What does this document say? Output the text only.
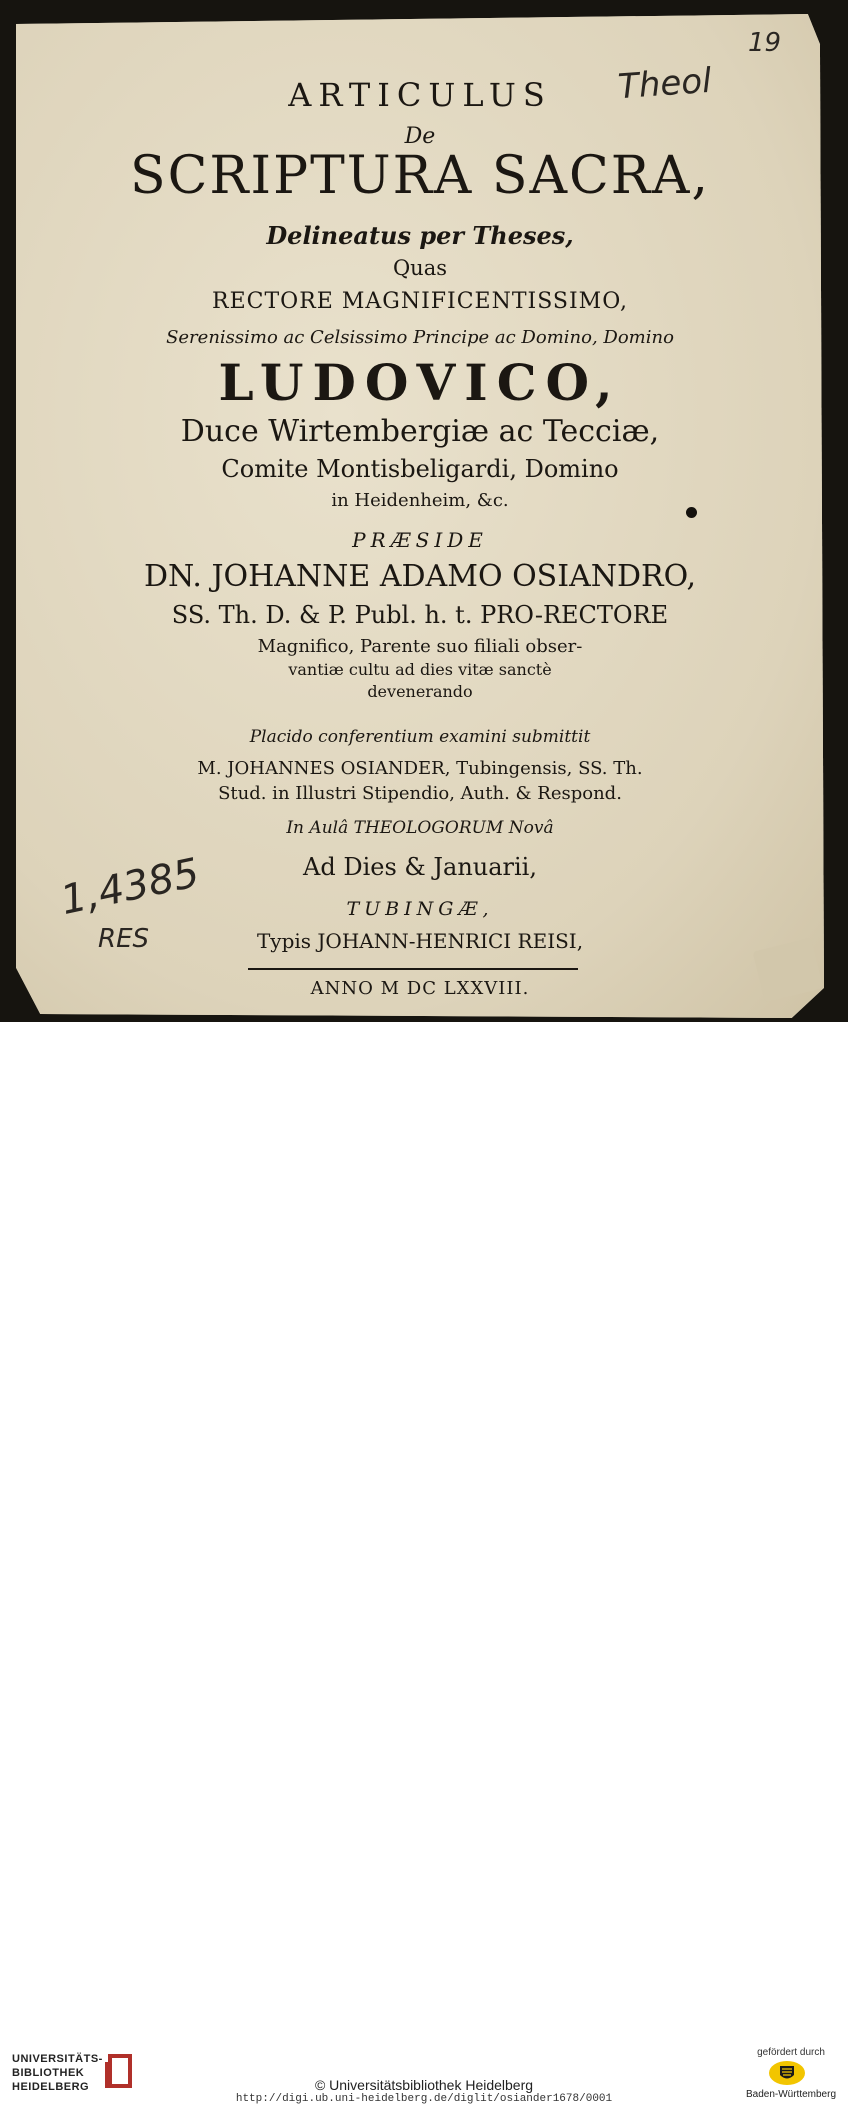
19
Theol
1,4385
RES
ARTICULUS
De
SCRIPTURA SACRA,
Delineatus per Theses,
Quas
RECTORE MAGNIFICENTISSIMO,
Serenissimo ac Celsissimo Principe ac Domino, Domino
LUDOVICO,
Duce Wirtembergiæ ac Tecciæ,
Comite Montisbeligardi, Domino
in Heidenheim, &c.
PRÆSIDE
DN. JOHANNE ADAMO OSIANDRO,
SS. Th. D. & P. Publ. h. t. PRO-RECTORE
Magnifico, Parente suo filiali obser-
vantiæ cultu ad dies vitæ sanctè
devenerando
Placido conferentium examini submittit
M. JOHANNES OSIANDER, Tubingensis, SS. Th.
Stud. in Illustri Stipendio, Auth. & Respond.
In Aulâ THEOLOGORUM Novâ
Ad Dies & Januarii,
TUBINGÆ,
Typis JOHANN-HENRICI REISI,
ANNO M DC LXXVIII.
UNIVERSITÄTS-
BIBLIOTHEK
HEIDELBERG	© Universitätsbibliothek Heidelberg
http://digi.ub.uni-heidelberg.de/diglit/osiander1678/0001
gefördert durch
Baden-Württemberg
